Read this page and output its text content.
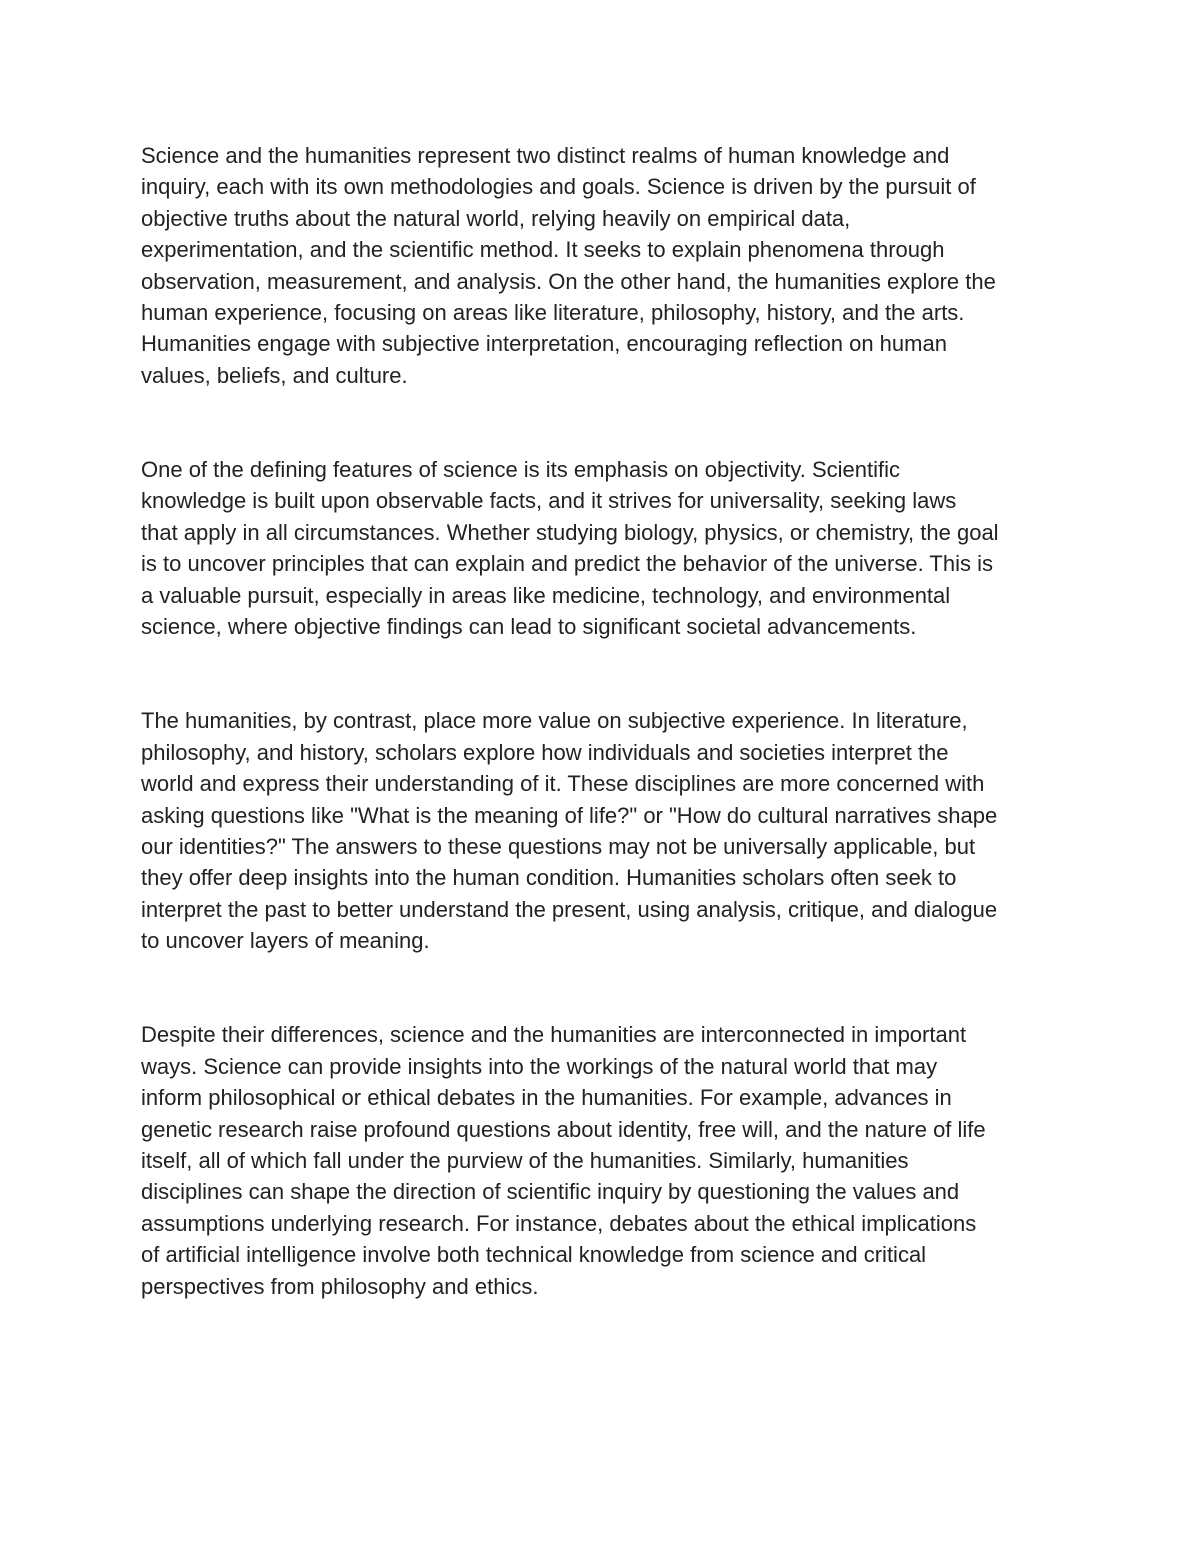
Science and the humanities represent two distinct realms of human knowledge and
inquiry, each with its own methodologies and goals. Science is driven by the pursuit of
objective truths about the natural world, relying heavily on empirical data,
experimentation, and the scientific method. It seeks to explain phenomena through
observation, measurement, and analysis. On the other hand, the humanities explore the
human experience, focusing on areas like literature, philosophy, history, and the arts.
Humanities engage with subjective interpretation, encouraging reflection on human
values, beliefs, and culture.
One of the defining features of science is its emphasis on objectivity. Scientific
knowledge is built upon observable facts, and it strives for universality, seeking laws
that apply in all circumstances. Whether studying biology, physics, or chemistry, the goal
is to uncover principles that can explain and predict the behavior of the universe. This is
a valuable pursuit, especially in areas like medicine, technology, and environmental
science, where objective findings can lead to significant societal advancements.
The humanities, by contrast, place more value on subjective experience. In literature,
philosophy, and history, scholars explore how individuals and societies interpret the
world and express their understanding of it. These disciplines are more concerned with
asking questions like "What is the meaning of life?" or "How do cultural narratives shape
our identities?" The answers to these questions may not be universally applicable, but
they offer deep insights into the human condition. Humanities scholars often seek to
interpret the past to better understand the present, using analysis, critique, and dialogue
to uncover layers of meaning.
Despite their differences, science and the humanities are interconnected in important
ways. Science can provide insights into the workings of the natural world that may
inform philosophical or ethical debates in the humanities. For example, advances in
genetic research raise profound questions about identity, free will, and the nature of life
itself, all of which fall under the purview of the humanities. Similarly, humanities
disciplines can shape the direction of scientific inquiry by questioning the values and
assumptions underlying research. For instance, debates about the ethical implications
of artificial intelligence involve both technical knowledge from science and critical
perspectives from philosophy and ethics.
